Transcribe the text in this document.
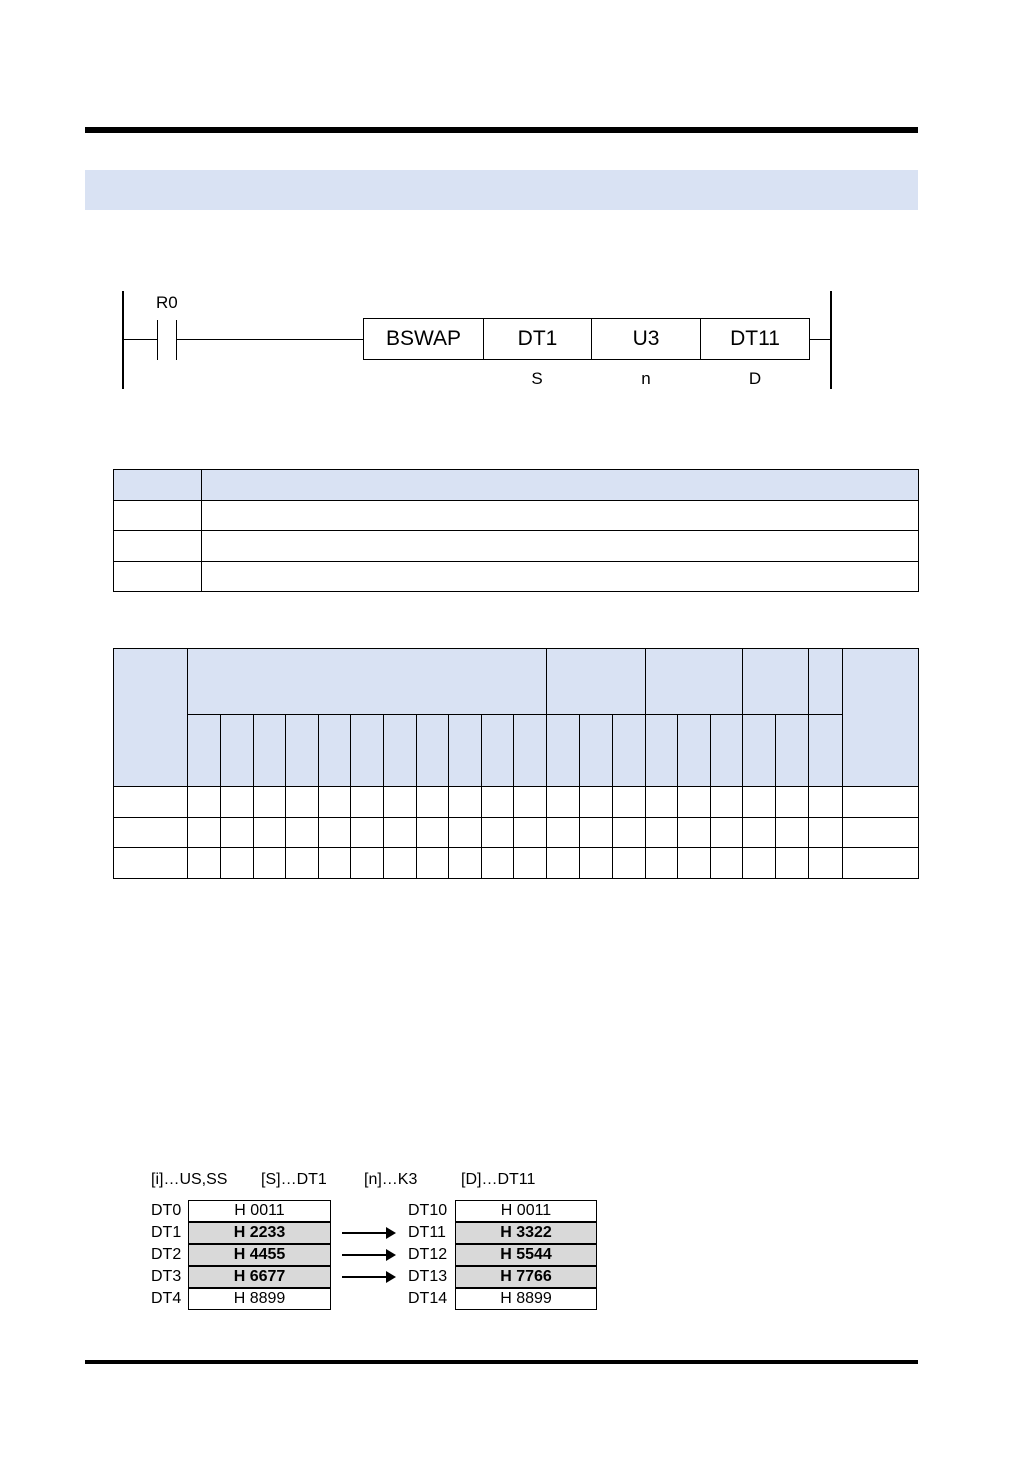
R0
BSWAP	DT1	U3	DT11
S	n	D

[i]…US,SS [S]…DT1 [n]…K3	[D]…DT11
DT0	H 0011
DT1	H 2233
DT2	H 4455
DT3	H 6677
DT4	H 8899
DT10	H 0011
DT11	H 3322
DT12	H 5544
DT13	H 7766
DT14	H 8899
